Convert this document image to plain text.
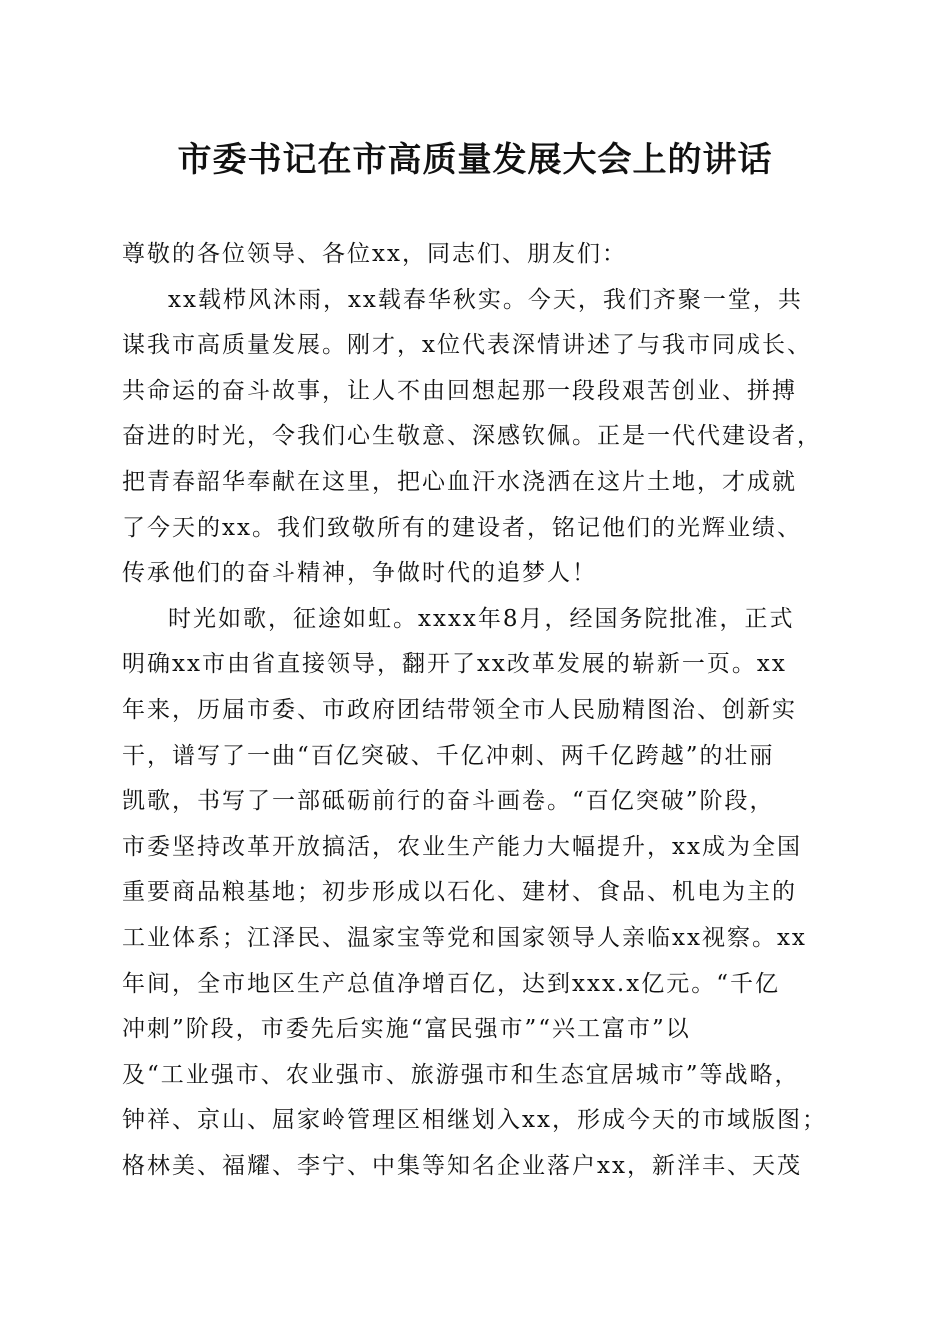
市委书记在市高质量发展大会上的讲话
尊敬的各位领导、各位xx，同志们、朋友们：
xx载栉风沐雨，xx载春华秋实。今天，我们齐聚一堂，共
谋我市高质量发展。刚才，x位代表深情讲述了与我市同成长、
共命运的奋斗故事，让人不由回想起那一段段艰苦创业、拼搏
奋进的时光，令我们心生敬意、深感钦佩。正是一代代建设者，
把青春韶华奉献在这里，把心血汗水浇洒在这片土地，才成就
了今天的xx。我们致敬所有的建设者，铭记他们的光辉业绩、
传承他们的奋斗精神，争做时代的追梦人！
时光如歌，征途如虹。xxxx年8月，经国务院批准，正式
明确xx市由省直接领导，翻开了xx改革发展的崭新一页。xx
年来，历届市委、市政府团结带领全市人民励精图治、创新实
干，谱写了一曲“百亿突破、千亿冲刺、两千亿跨越”的壮丽
凯歌，书写了一部砥砺前行的奋斗画卷。“百亿突破”阶段，
市委坚持改革开放搞活，农业生产能力大幅提升，xx成为全国
重要商品粮基地；初步形成以石化、建材、食品、机电为主的
工业体系；江泽民、温家宝等党和国家领导人亲临xx视察。xx
年间，全市地区生产总值净增百亿，达到xxx.x亿元。“千亿
冲刺”阶段，市委先后实施“富民强市”“兴工富市”以
及“工业强市、农业强市、旅游强市和生态宜居城市”等战略，
钟祥、京山、屈家岭管理区相继划入xx，形成今天的市域版图；
格林美、福耀、李宁、中集等知名企业落户xx，新洋丰、天茂
